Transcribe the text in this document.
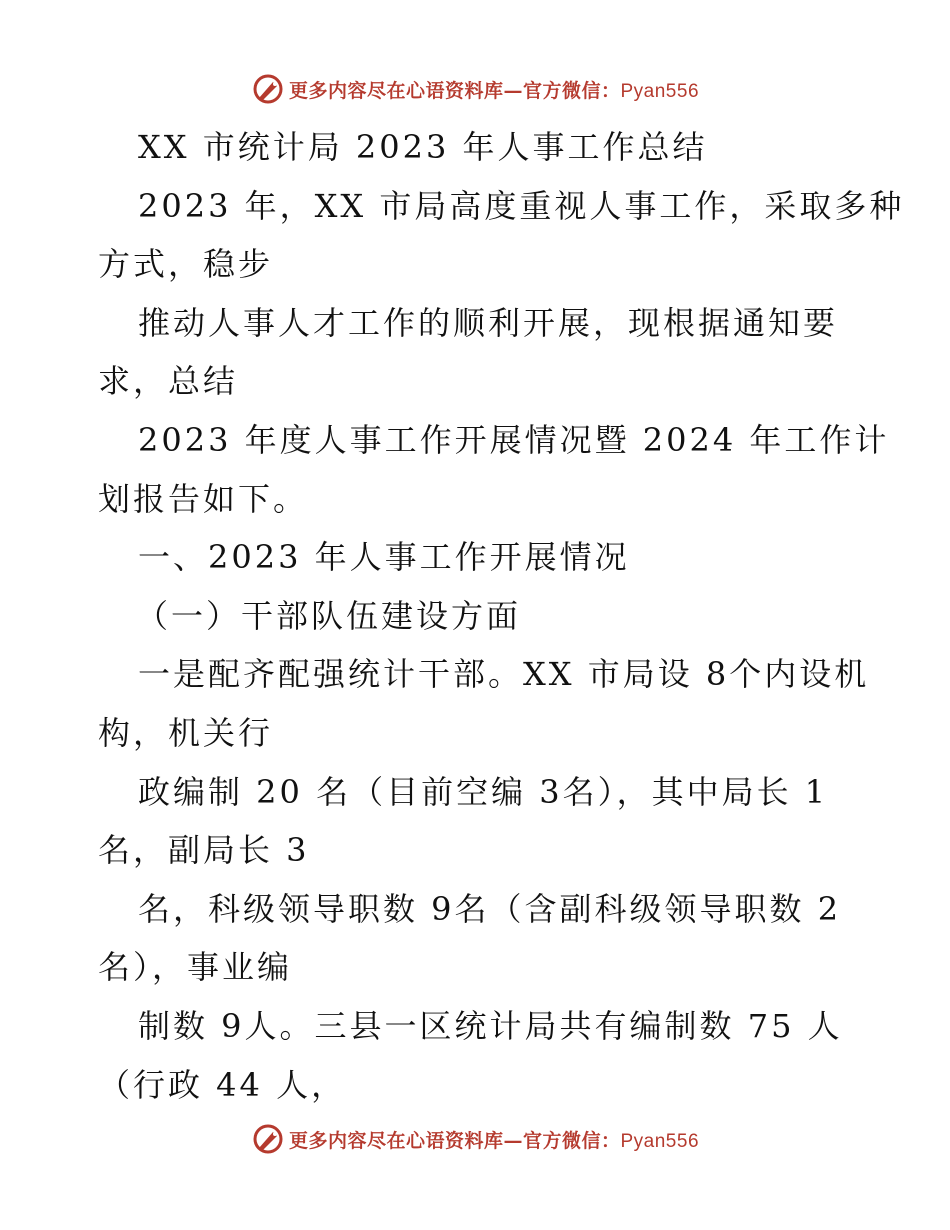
更多内容尽在心语资料库—官方微信：Pyan556
XX 市统计局 2023 年人事工作总结
2023 年，XX 市局高度重视人事工作，采取多种
方式，稳步
推动人事人才工作的顺利开展，现根据通知要
求，总结
2023 年度人事工作开展情况暨 2024 年工作计
划报告如下。
一、2023 年人事工作开展情况
（一）干部队伍建设方面
一是配齐配强统计干部。XX 市局设 8个内设机
构，机关行
政编制 20 名（目前空编 3名），其中局长 1
名，副局长 3
名，科级领导职数 9名（含副科级领导职数 2
名），事业编
制数 9人。三县一区统计局共有编制数 75 人
（行政 44 人，
更多内容尽在心语资料库—官方微信：Pyan556
